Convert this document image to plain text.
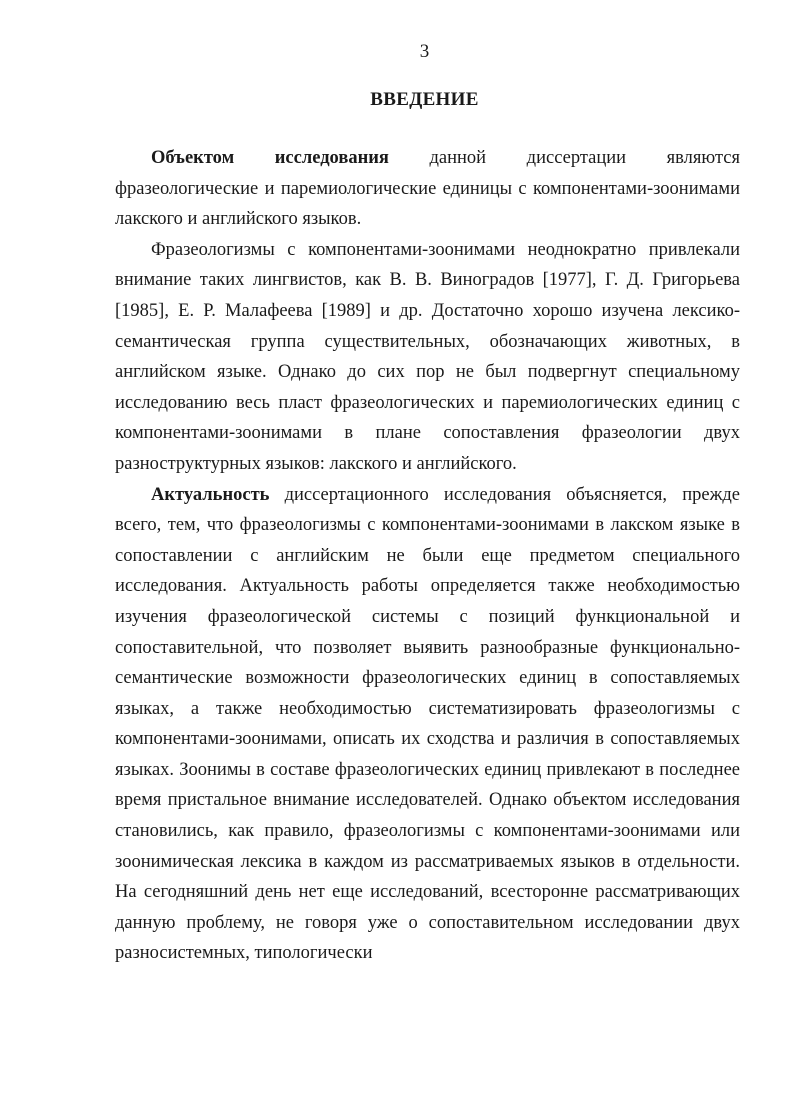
3
ВВЕДЕНИЕ

Объектом исследования данной диссертации являются фразеологические и паремиологические единицы с компонентами-зоонимами лакского и английского языков.

Фразеологизмы с компонентами-зоонимами неоднократно привлекали внимание таких лингвистов, как В. В. Виноградов [1977], Г. Д. Григорьева [1985], Е. Р. Малафеева [1989] и др. Достаточно хорошо изучена лексико-семантическая группа существительных, обозначающих животных, в английском языке. Однако до сих пор не был подвергнут специальному исследованию весь пласт фразеологических и паремиологических единиц с компонентами-зоонимами в плане сопоставления фразеологии двух разноструктурных языков: лакского и английского.

Актуальность диссертационного исследования объясняется, прежде всего, тем, что фразеологизмы с компонентами-зоонимами в лакском языке в сопоставлении с английским не были еще предметом специального исследования. Актуальность работы определяется также необходимостью изучения фразеологической системы с позиций функциональной и сопоставительной, что позволяет выявить разнообразные функционально-семантические возможности фразеологических единиц в сопоставляемых языках, а также необходимостью систематизировать фразеологизмы с компонентами-зоонимами, описать их сходства и различия в сопоставляемых языках. Зоонимы в составе фразеологических единиц привлекают в последнее время пристальное внимание исследователей. Однако объектом исследования становились, как правило, фразеологизмы с компонентами-зоонимами или зоонимическая лексика в каждом из рассматриваемых языков в отдельности. На сегодняшний день нет еще исследований, всесторонне рассматривающих данную проблему, не говоря уже о сопоставительном исследовании двух разносистемных, типологически
